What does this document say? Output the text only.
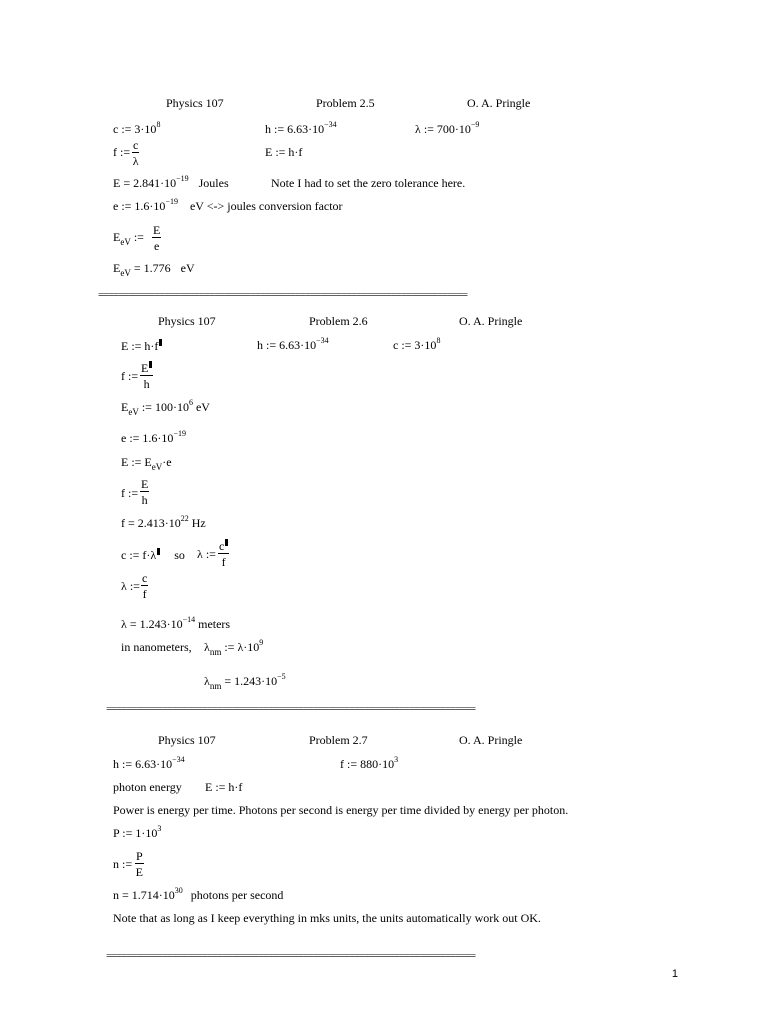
Physics 107	Problem 2.5	O. A. Pringle
c := $3\cdot 10^8$	h := $6.63\cdot 10^{-34}$	λ := $700\cdot 10^{-9}$
f := $\frac{c}{\lambda}$	E := h·f
$E = 2.841\cdot 10^{-19}$ Joules	Note I had to set the zero tolerance here.
e := $1.6\cdot 10^{-19}$ eV <-> joules conversion factor
$E_{eV}$ := $\frac{E}{e}$
$E_{eV} = 1.776$ eV
=========================================================================
Physics 107	Problem 2.6	O. A. Pringle
E := h·f	h := $6.63\cdot 10^{-34}$	c := $3\cdot 10^8$
f := $\frac{E}{h}$
$E_{eV}$ := $100\cdot 10^6$ eV
e := $1.6\cdot 10^{-19}$
E := $E_{eV}\cdot e$
f := $\frac{E}{h}$
$f = 2.413\cdot 10^{22}$ Hz
c := f·λ so λ := $\frac{c}{f}$
λ := $\frac{c}{f}$
$\lambda = 1.243\cdot 10^{-14}$ meters
in nanometers, $\lambda_{nm}$ := $\lambda\cdot 10^9$
$\lambda_{nm} = 1.243\cdot 10^{-5}$
=========================================================================
Physics 107	Problem 2.7	O. A. Pringle
h := $6.63\cdot 10^{-34}$	f := $880\cdot 10^3$
photon energy E := h·f
Power is energy per time. Photons per second is energy per time divided by energy per photon.
P := $1\cdot 10^3$
n := $\frac{P}{E}$
$n = 1.714\cdot 10^{30}$ photons per second
Note that as long as I keep everything in mks units, the units automatically work out OK.
=========================================================================
1
